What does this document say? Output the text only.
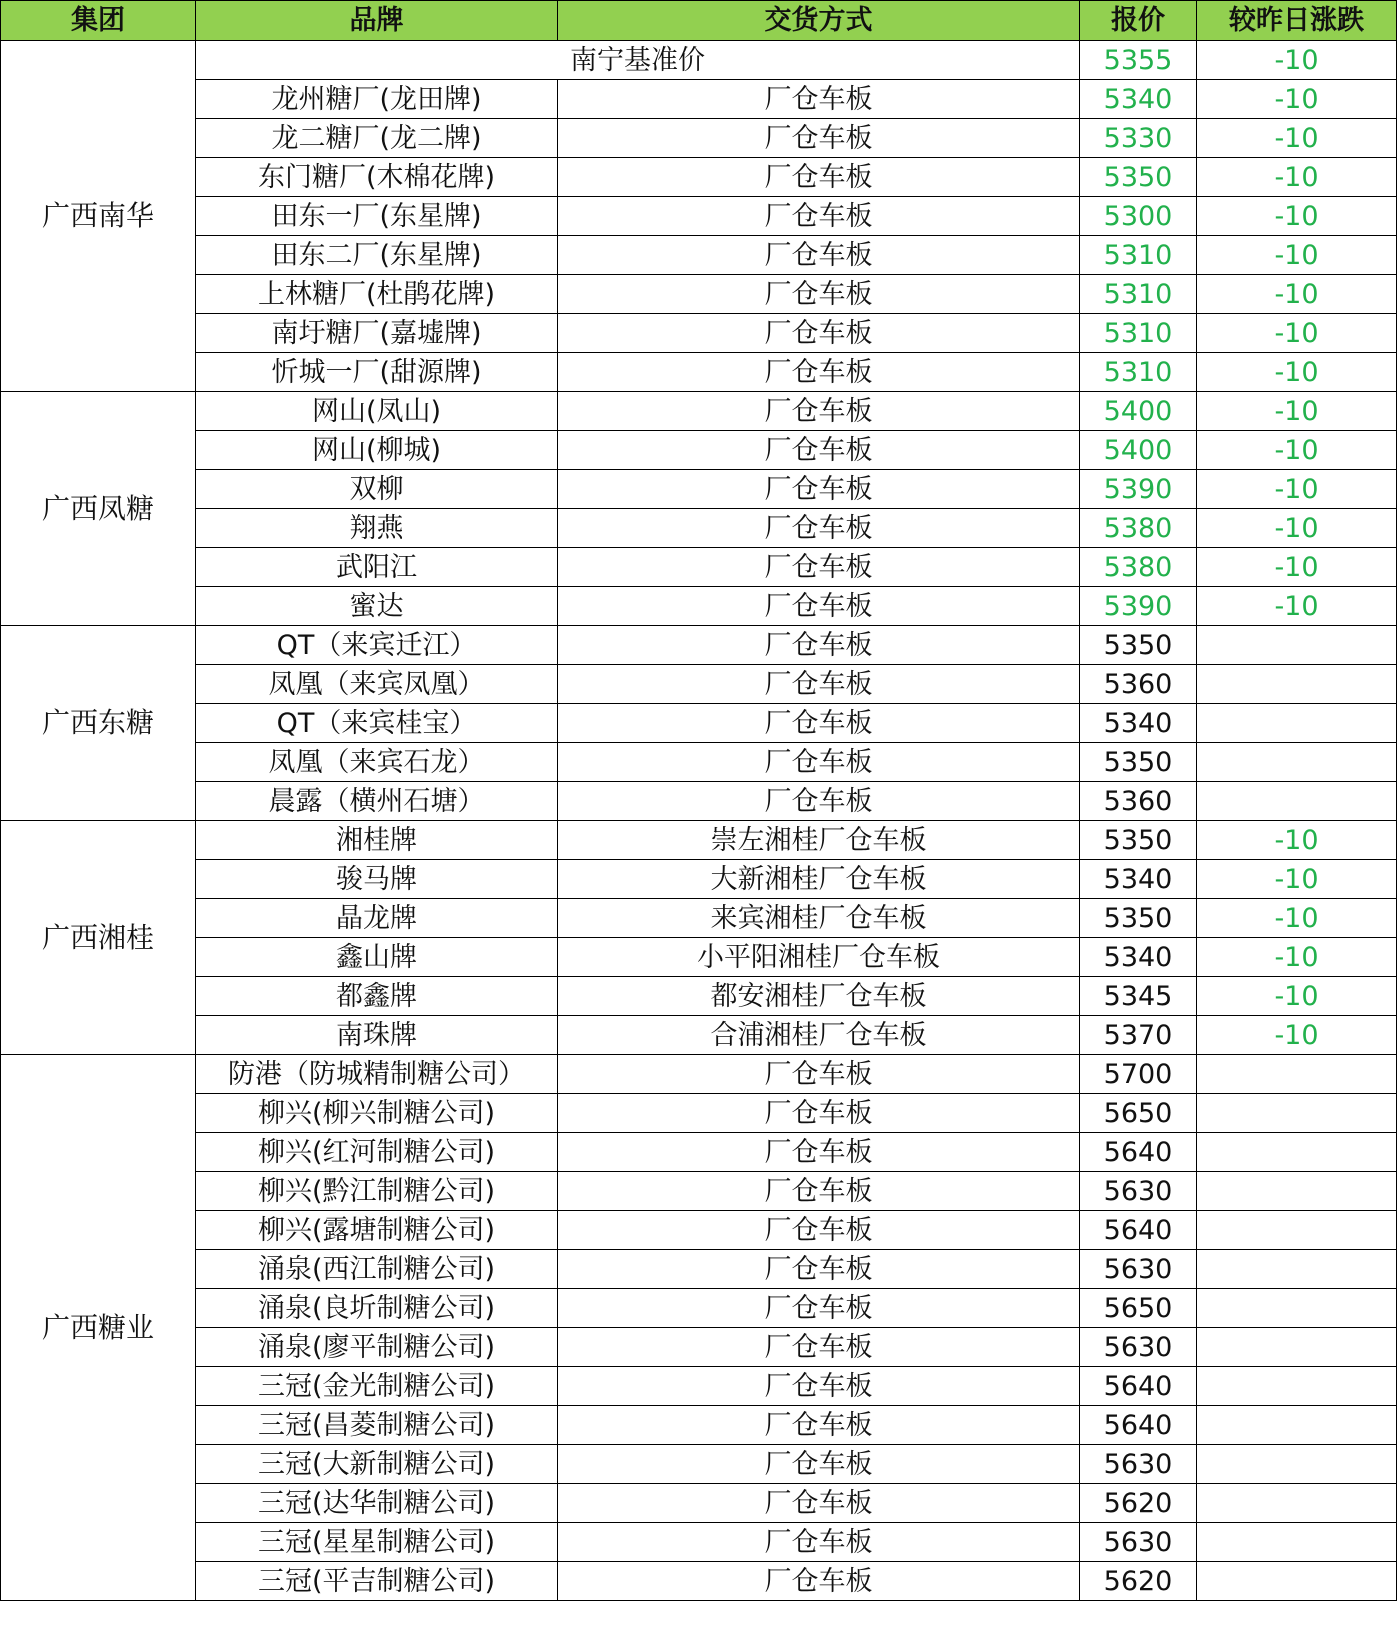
集团	品牌	交货方式	报价	较昨日涨跌
广西南华	南宁基准价		5355	-10
	龙州糖厂(龙田牌)	厂仓车板	5340	-10
	龙二糖厂(龙二牌)	厂仓车板	5330	-10
	东门糖厂(木棉花牌)	厂仓车板	5350	-10
	田东一厂(东星牌)	厂仓车板	5300	-10
	田东二厂(东星牌)	厂仓车板	5310	-10
	上林糖厂(杜鹃花牌)	厂仓车板	5310	-10
	南圩糖厂(嘉墟牌)	厂仓车板	5310	-10
	忻城一厂(甜源牌)	厂仓车板	5310	-10
广西凤糖	网山(凤山)	厂仓车板	5400	-10
	网山(柳城)	厂仓车板	5400	-10
	双柳	厂仓车板	5390	-10
	翔燕	厂仓车板	5380	-10
	武阳江	厂仓车板	5380	-10
	蜜达	厂仓车板	5390	-10
广西东糖	QT（来宾迁江）	厂仓车板	5350	
	凤凰（来宾凤凰）	厂仓车板	5360	
	QT（来宾桂宝）	厂仓车板	5340	
	凤凰（来宾石龙）	厂仓车板	5350	
	晨露（横州石塘）	厂仓车板	5360	
广西湘桂	湘桂牌	崇左湘桂厂仓车板	5350	-10
	骏马牌	大新湘桂厂仓车板	5340	-10
	晶龙牌	来宾湘桂厂仓车板	5350	-10
	鑫山牌	小平阳湘桂厂仓车板	5340	-10
	都鑫牌	都安湘桂厂仓车板	5345	-10
	南珠牌	合浦湘桂厂仓车板	5370	-10
广西糖业	防港（防城精制糖公司）	厂仓车板	5700	
	柳兴(柳兴制糖公司)	厂仓车板	5650	
	柳兴(红河制糖公司)	厂仓车板	5640	
	柳兴(黔江制糖公司)	厂仓车板	5630	
	柳兴(露塘制糖公司)	厂仓车板	5640	
	涌泉(西江制糖公司)	厂仓车板	5630	
	涌泉(良圻制糖公司)	厂仓车板	5650	
	涌泉(廖平制糖公司)	厂仓车板	5630	
	三冠(金光制糖公司)	厂仓车板	5640	
	三冠(昌菱制糖公司)	厂仓车板	5640	
	三冠(大新制糖公司)	厂仓车板	5630	
	三冠(达华制糖公司)	厂仓车板	5620	
	三冠(星星制糖公司)	厂仓车板	5630	
	三冠(平吉制糖公司)	厂仓车板	5620	
